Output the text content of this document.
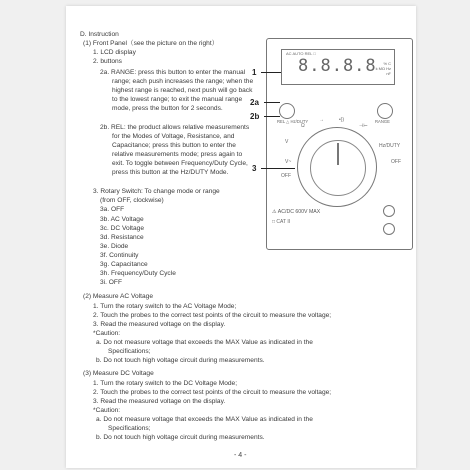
D. Instruction
(1) Front Panel（see the picture on the right）
1. LCD display
2. buttons
2a. RANGE: press this button to enter the manual
range; each push increases the range; when the
highest range is reached, next push will go back
to the lowest range; to exit the manual range
mode, press the button for 2 seconds.
2b. REL: the product allows relative measurements
for the Modes of Voltage, Resistance, and
Capacitance; press this button to enter the
relative measurements mode; press again to
exit. To toggle between Frequency/Duty Cycle,
press this button at the Hz/DUTY Mode.
3. Rotary Switch: To change mode or range
(from OFF, clockwise)
3a. OFF
3b. AC Voltage
3c. DC Voltage
3d. Resistance
3e. Diode
3f. Continuity
3g. Capacitance
3h. Frequency/Duty Cycle
3i. OFF
(2) Measure AC Voltage
1. Turn the rotary switch to the AC Voltage Mode;
2. Touch the probes to the correct test points of the circuit to measure the voltage;
3. Read the measured voltage on the display.
*Caution:
a. Do not measure voltage that exceeds the MAX Value as indicated in the
Specifications;
b. Do not touch high voltage circuit during measurements.
(3) Measure DC Voltage
1. Turn the rotary switch to the DC Voltage Mode;
2. Touch the probes to the correct test points of the circuit to measure the voltage;
3. Read the measured voltage on the display.
*Caution:
a. Do not measure voltage that exceeds the MAX Value as indicated in the
Specifications;
b. Do not touch high voltage circuit during measurements.
- 4 -
AC AUTO REL □
8.8.8.8	% C
k MΩ Hz
nF
REL △ Hz/DUTY	RANGE
Ω
→	•))
⊣⊢
V
V~
OFF
Hz/DUTY
OFF
⚠ AC/DC 600V MAX
□ CAT II
1
2a
2b
3
